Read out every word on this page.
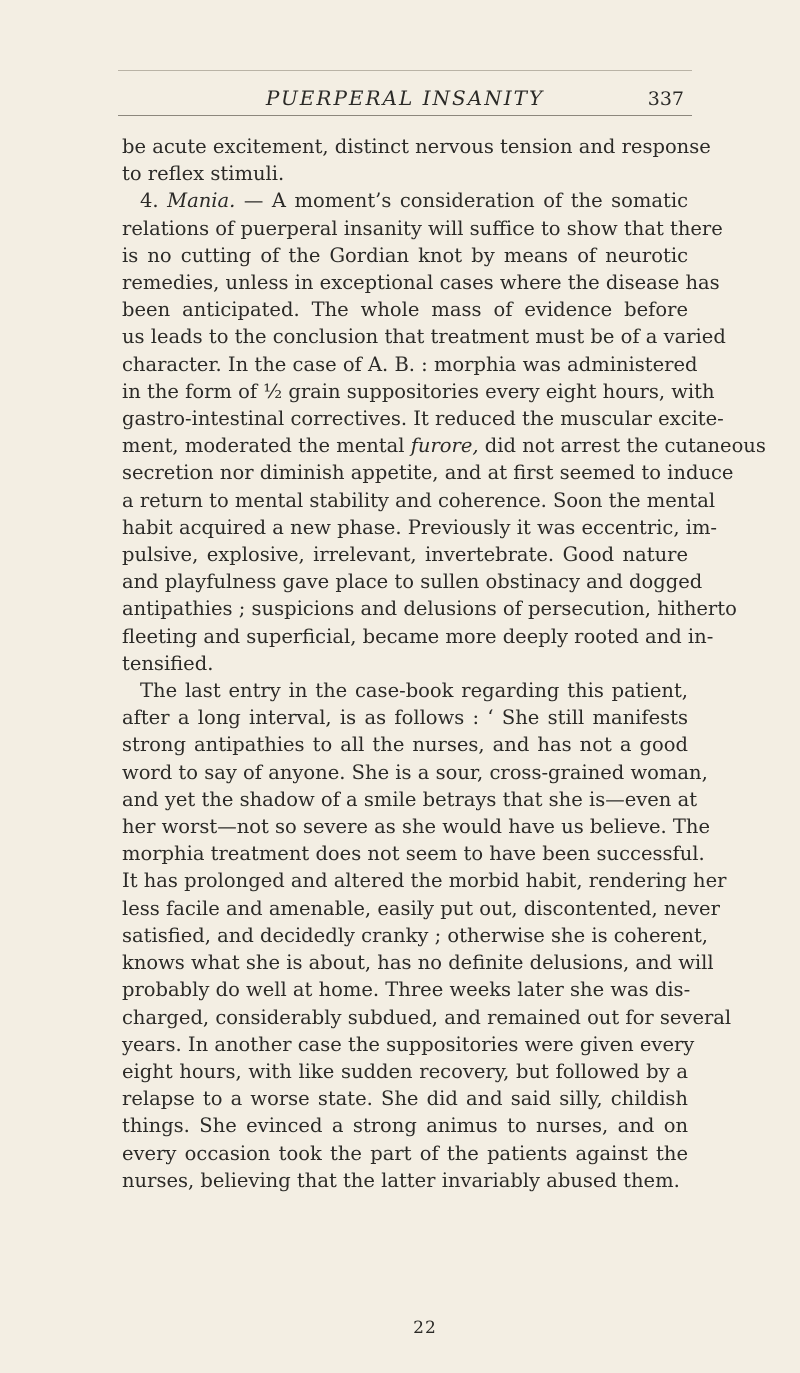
PUERPERAL INSANITY	337
be acute excitement, distinct nervous tension and response
to reflex stimuli.
4. Mania. — A moment’s consideration of the somatic
relations of puerperal insanity will suffice to show that there
is no cutting of the Gordian knot by means of neurotic
remedies, unless in exceptional cases where the disease has
been anticipated. The whole mass of evidence before
us leads to the conclusion that treatment must be of a varied
character. In the case of A. B. : morphia was administered
in the form of ½ grain suppositories every eight hours, with
gastro-intestinal correctives. It reduced the muscular excite-
ment, moderated the mental furore, did not arrest the cutaneous
secretion nor diminish appetite, and at first seemed to induce
a return to mental stability and coherence. Soon the mental
habit acquired a new phase. Previously it was eccentric, im-
pulsive, explosive, irrelevant, invertebrate. Good nature
and playfulness gave place to sullen obstinacy and dogged
antipathies ; suspicions and delusions of persecution, hitherto
fleeting and superficial, became more deeply rooted and in-
tensified.
The last entry in the case-book regarding this patient,
after a long interval, is as follows : ‘ She still manifests
strong antipathies to all the nurses, and has not a good
word to say of anyone. She is a sour, cross-grained woman,
and yet the shadow of a smile betrays that she is—even at
her worst—not so severe as she would have us believe. The
morphia treatment does not seem to have been successful.
It has prolonged and altered the morbid habit, rendering her
less facile and amenable, easily put out, discontented, never
satisfied, and decidedly cranky ; otherwise she is coherent,
knows what she is about, has no definite delusions, and will
probably do well at home. Three weeks later she was dis-
charged, considerably subdued, and remained out for several
years. In another case the suppositories were given every
eight hours, with like sudden recovery, but followed by a
relapse to a worse state. She did and said silly, childish
things. She evinced a strong animus to nurses, and on
every occasion took the part of the patients against the
nurses, believing that the latter invariably abused them.
22
